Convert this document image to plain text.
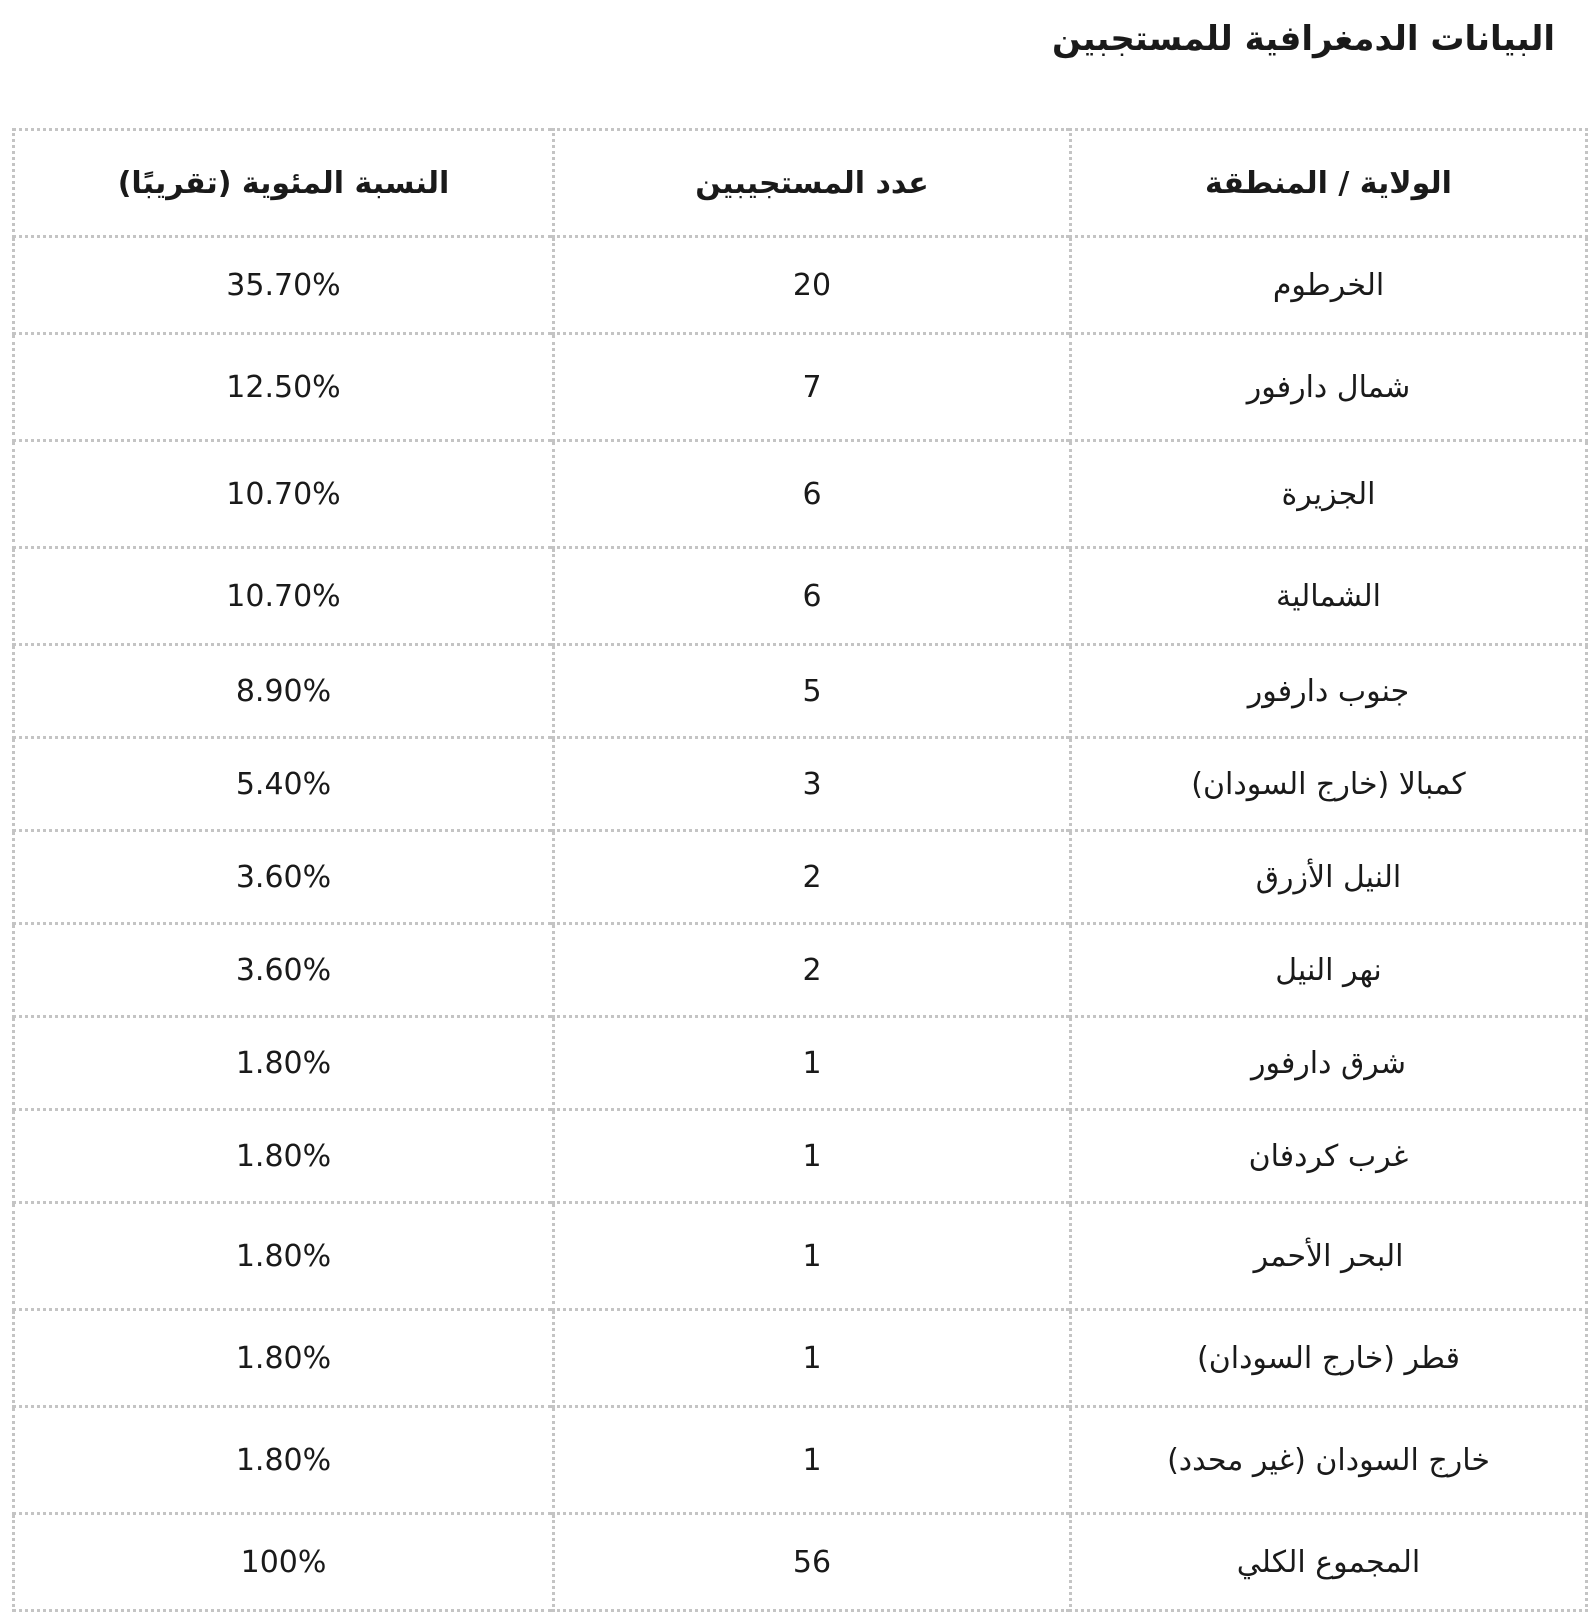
البيانات الدمغرافية للمستجبين
الولاية / المنطقة	عدد المستجيبين	النسبة المئوية (تقريبًا)
الخرطوم	20	35.70%
شمال دارفور	7	12.50%
الجزيرة	6	10.70%
الشمالية	6	10.70%
جنوب دارفور	5	8.90%
كمبالا (خارج السودان)	3	5.40%
النيل الأزرق	2	3.60%
نهر النيل	2	3.60%
شرق دارفور	1	1.80%
غرب كردفان	1	1.80%
البحر الأحمر	1	1.80%
قطر (خارج السودان)	1	1.80%
خارج السودان (غير محدد)	1	1.80%
المجموع الكلي	56	100%
